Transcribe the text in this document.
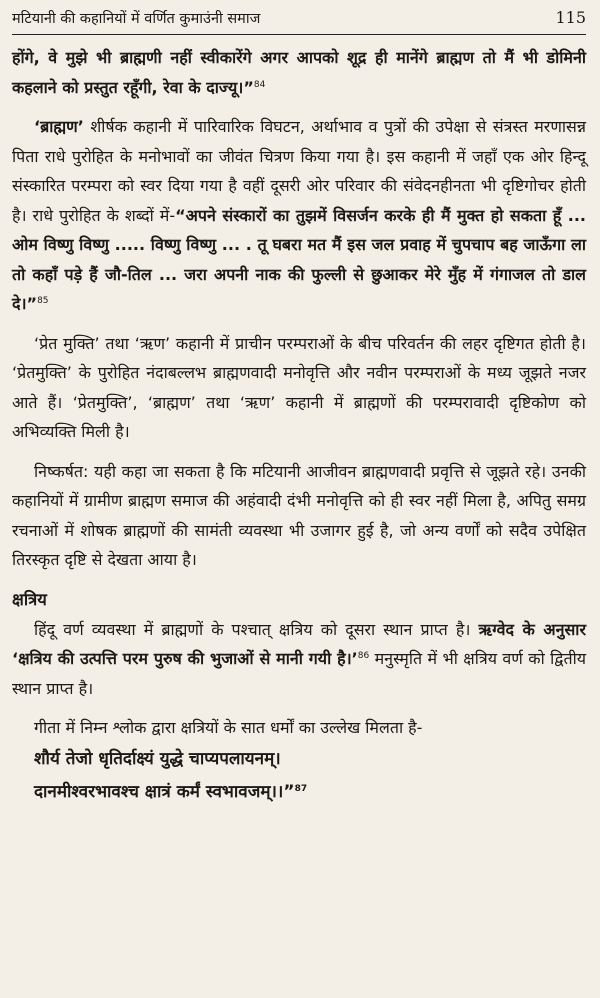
मटियानी की कहानियों में वर्णित कुमाउंनी समाज	115

होंगे, वे मुझे भी ब्राह्मणी नहीं स्वीकारेंगे अगर आपको शूद्र ही मानेंगे ब्राह्मण तो मैं भी डोमिनी कहलाने को प्रस्तुत रहूँगी, रेवा के दाज्यू।”$^{84}$

‘ब्राह्मण’ शीर्षक कहानी में पारिवारिक विघटन, अर्थाभाव व पुत्रों की उपेक्षा से संत्रस्त मरणासन्न पिता राधे पुरोहित के मनोभावों का जीवंत चित्रण किया गया है। इस कहानी में जहाँ एक ओर हिन्दू संस्कारित परम्परा को स्वर दिया गया है वहीं दूसरी ओर परिवार की संवेदनहीनता भी दृष्टिगोचर होती है। राधे पुरोहित के शब्दों में-“अपने संस्कारों का तुझमें विसर्जन करके ही मैं मुक्त हो सकता हूँ ... ओम विष्णु विष्णु ..... विष्णु विष्णु ... . तू घबरा मत मैं इस जल प्रवाह में चुपचाप बह जाऊँगा ला तो कहाँ पड़े हैं जौ-तिल ... जरा अपनी नाक की फुल्ली से छुआकर मेरे मुँह में गंगाजल तो डाल दे।”$^{85}$

‘प्रेत मुक्ति’ तथा ‘ऋण’ कहानी में प्राचीन परम्पराओं के बीच परिवर्तन की लहर दृष्टिगत होती है। ‘प्रेतमुक्ति’ के पुरोहित नंदाबल्लभ ब्राह्मणवादी मनोवृत्ति और नवीन परम्पराओं के मध्य जूझते नजर आते हैं। ‘प्रेतमुक्ति’, ‘ब्राह्मण’ तथा ‘ऋण’ कहानी में ब्राह्मणों की परम्परावादी दृष्टिकोण को अभिव्यक्ति मिली है।

निष्कर्षत: यही कहा जा सकता है कि मटियानी आजीवन ब्राह्मणवादी प्रवृत्ति से जूझते रहे। उनकी कहानियों में ग्रामीण ब्राह्मण समाज की अहंवादी दंभी मनोवृत्ति को ही स्वर नहीं मिला है, अपितु समग्र रचनाओं में शोषक ब्राह्मणों की सामंती व्यवस्था भी उजागर हुई है, जो अन्य वर्णों को सदैव उपेक्षित तिरस्कृत दृष्टि से देखता आया है।

क्षत्रिय

हिंदू वर्ण व्यवस्था में ब्राह्मणों के पश्चात् क्षत्रिय को दूसरा स्थान प्राप्त है। ऋग्वेद के अनुसार ‘क्षत्रिय की उत्पत्ति परम पुरुष की भुजाओं से मानी गयी है।’$^{86}$ मनुस्मृति में भी क्षत्रिय वर्ण को द्वितीय स्थान प्राप्त है।

गीता में निम्न श्लोक द्वारा क्षत्रियों के सात धर्मों का उल्लेख मिलता है-

शौर्य तेजो धृतिर्दाक्ष्यं युद्धे चाप्यपलायनम्।
दानमीश्वरभावश्च क्षात्रं कर्मं स्वभावजम्।।”$^{87}$
